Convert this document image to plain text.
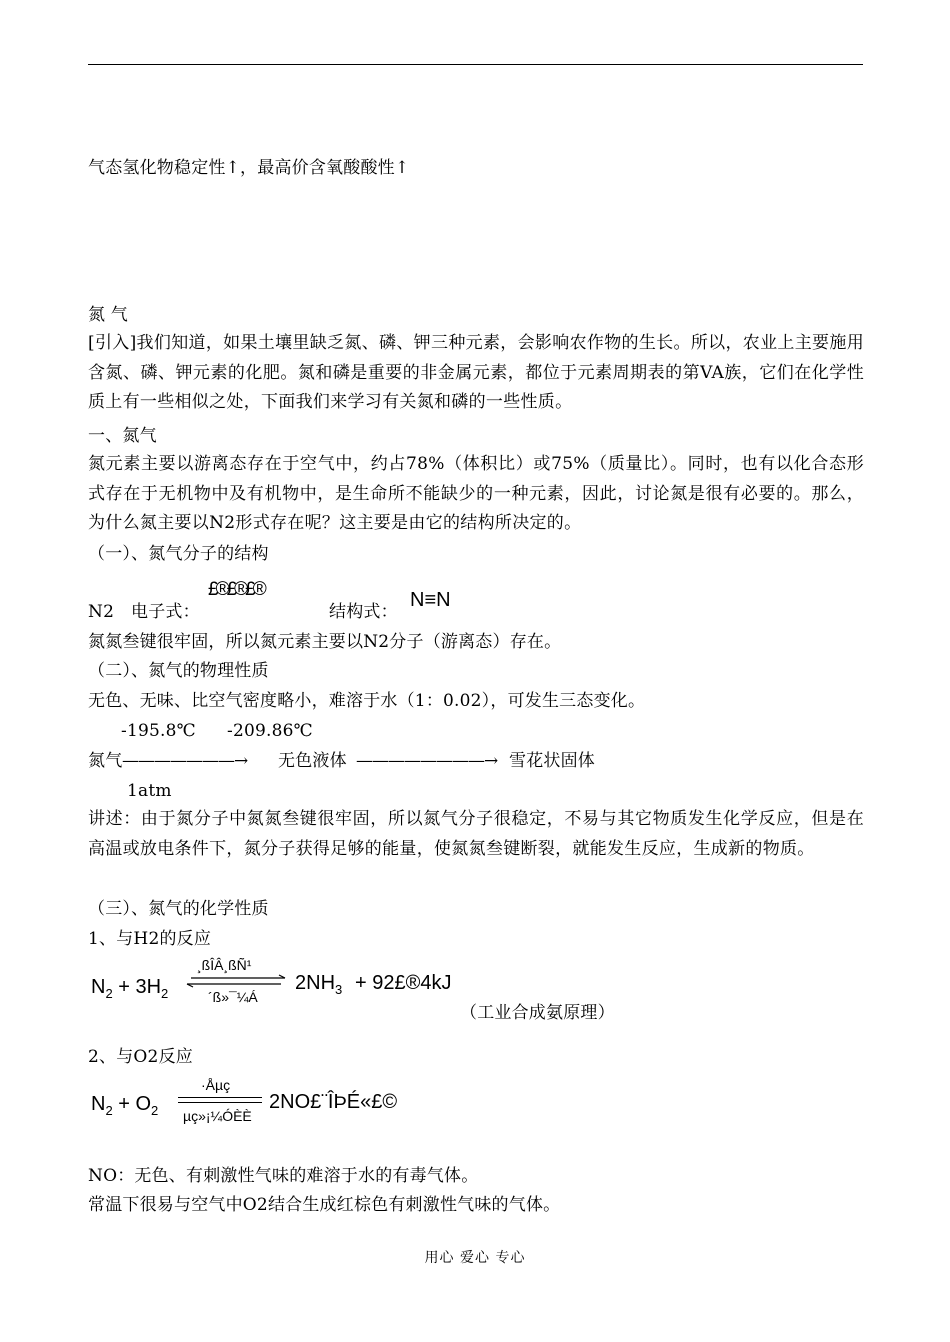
气态氢化物稳定性↑，最高价含氧酸酸性↑
氮 气
[引入]我们知道，如果土壤里缺乏氮、磷、钾三种元素，会影响农作物的生长。所以，农业上主要施用含氮、磷、钾元素的化肥。氮和磷是重要的非金属元素，都位于元素周期表的第VA族，它们在化学性质上有一些相似之处，下面我们来学习有关氮和磷的一些性质。
一、氮气
氮元素主要以游离态存在于空气中，约占78%（体积比）或75%（质量比）。同时，也有以化合态形式存在于无机物中及有机物中，是生命所不能缺少的一种元素，因此，讨论氮是很有必要的。那么，为什么氮主要以N2形式存在呢？这主要是由它的结构所决定的。
（一）、氮气分子的结构
N2 电子式：
£®£®£®
结构式：
N≡N
氮氮叁键很牢固，所以氮元素主要以N2分子（游离态）存在。
（二）、氮气的物理性质
无色、无味、比空气密度略小，难溶于水（1：0.02），可发生三态变化。
-195.8℃ -209.86℃
氮气 ———————→ 无色液体 ————————→ 雪花状固体
1atm
讲述：由于氮分子中氮氮叁键很牢固，所以氮气分子很稳定，不易与其它物质发生化学反应，但是在高温或放电条件下，氮分子获得足够的能量，使氮氮叁键断裂，就能发生反应，生成新的物质。
（三）、氮气的化学性质
1、与H2的反应
$N_2 + 3H_2$
¸ßÎÂ¸ßÑ¹
´ß»¯¼Á
$2NH_3$ + 92£®4kJ
（工业合成氨原理）
2、与O2反应
$N_2 + O_2$
·Åµç
µç»¡¼ÓÈÈ
2NO£¨ÎÞÉ«£©
NO：无色、有刺激性气味的难溶于水的有毒气体。
常温下很易与空气中O2结合生成红棕色有刺激性气味的气体。
用心 爱心 专心
